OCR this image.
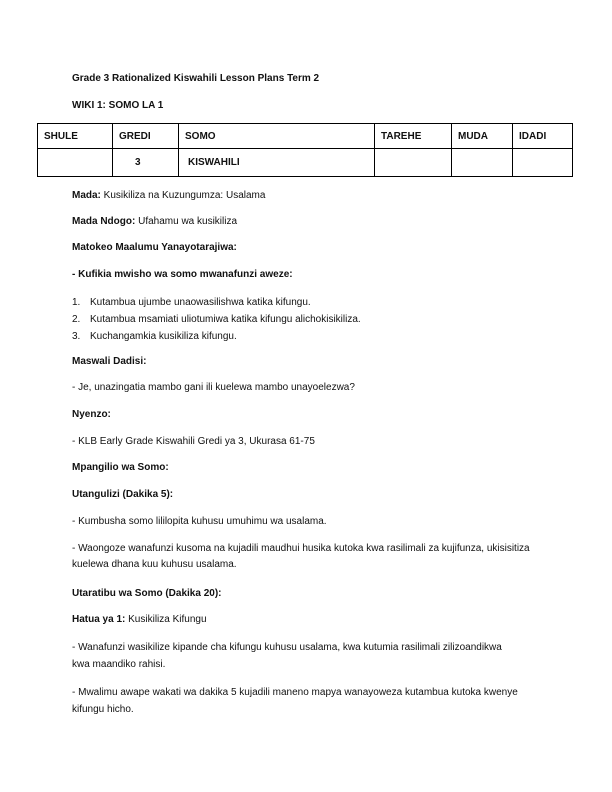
Grade 3 Rationalized Kiswahili Lesson Plans Term 2
WIKI 1: SOMO LA 1
SHULE	GREDI	SOMO	TAREHE	MUDA	IDADI
	3	KISWAHILI			
Mada: Kusikiliza na Kuzungumza: Usalama
Mada Ndogo: Ufahamu wa kusikiliza
Matokeo Maalumu Yanayotarajiwa:
- Kufikia mwisho wa somo mwanafunzi aweze:
1. Kutambua ujumbe unaowasilishwa katika kifungu.
2. Kutambua msamiati uliotumiwa katika kifungu alichokisikiliza.
3. Kuchangamkia kusikiliza kifungu.
Maswali Dadisi:
- Je, unazingatia mambo gani ili kuelewa mambo unayoelezwa?
Nyenzo:
- KLB Early Grade Kiswahili Gredi ya 3, Ukurasa 61-75
Mpangilio wa Somo:
Utangulizi (Dakika 5):
- Kumbusha somo lililopita kuhusu umuhimu wa usalama.
- Waongoze wanafunzi kusoma na kujadili maudhui husika kutoka kwa rasilimali za kujifunza, ukisisitiza kuelewa dhana kuu kuhusu usalama.
Utaratibu wa Somo (Dakika 20):
Hatua ya 1: Kusikiliza Kifungu
- Wanafunzi wasikilize kipande cha kifungu kuhusu usalama, kwa kutumia rasilimali zilizoandikwa kwa maandiko rahisi.
- Mwalimu awape wakati wa dakika 5 kujadili maneno mapya wanayoweza kutambua kutoka kwenye kifungu hicho.
